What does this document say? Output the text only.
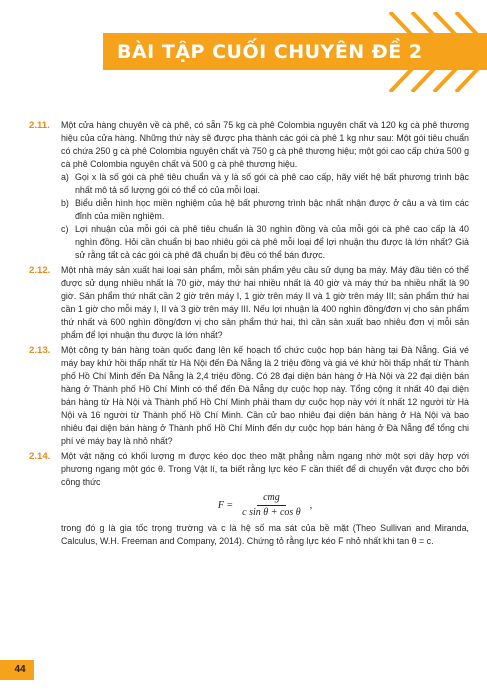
BÀI TẬP CUỐI CHUYÊN ĐỀ 2
2.11. Một cửa hàng chuyên về cà phê, có sẵn 75 kg cà phê Colombia nguyên chất và 120 kg cà phê thương hiệu của cửa hàng. Những thứ này sẽ được pha thành các gói cà phê 1 kg như sau: Một gói tiêu chuẩn có chứa 250 g cà phê Colombia nguyên chất và 750 g cà phê thương hiệu; một gói cao cấp chứa 500 g cà phê Colombia nguyên chất và 500 g cà phê thương hiệu.

a) Gọi x là số gói cà phê tiêu chuẩn và y là số gói cà phê cao cấp, hãy viết hệ bất phương trình bậc nhất mô tả số lượng gói có thể có của mỗi loại.

b) Biểu diễn hình học miền nghiệm của hệ bất phương trình bậc nhất nhận được ở câu a và tìm các đỉnh của miền nghiệm.

c) Lợi nhuận của mỗi gói cà phê tiêu chuẩn là 30 nghìn đồng và của mỗi gói cà phê cao cấp là 40 nghìn đồng. Hỏi cần chuẩn bị bao nhiêu gói cà phê mỗi loại để lợi nhuận thu được là lớn nhất? Giả sử rằng tất cả các gói cà phê đã chuẩn bị đều có thể bán được.

2.12. Một nhà máy sản xuất hai loại sản phẩm, mỗi sản phẩm yêu cầu sử dụng ba máy. Máy đầu tiên có thể được sử dụng nhiều nhất là 70 giờ, máy thứ hai nhiều nhất là 40 giờ và máy thứ ba nhiều nhất là 90 giờ. Sản phẩm thứ nhất cần 2 giờ trên máy I, 1 giờ trên máy II và 1 giờ trên máy III; sản phẩm thứ hai cần 1 giờ cho mỗi máy I, II và 3 giờ trên máy III. Nếu lợi nhuận là 400 nghìn đồng/đơn vị cho sản phẩm thứ nhất và 600 nghìn đồng/đơn vị cho sản phẩm thứ hai, thì cần sản xuất bao nhiêu đơn vị mỗi sản phẩm để lợi nhuận thu được là lớn nhất?

2.13. Một công ty bán hàng toàn quốc đang lên kế hoạch tổ chức cuộc họp bán hàng tại Đà Nẵng. Giá vé máy bay khứ hồi thấp nhất từ Hà Nội đến Đà Nẵng là 2 triệu đồng và giá vé khứ hồi thấp nhất từ Thành phố Hồ Chí Minh đến Đà Nẵng là 2,4 triệu đồng. Có 28 đại diện bán hàng ở Hà Nội và 22 đại diện bán hàng ở Thành phố Hồ Chí Minh có thể đến Đà Nẵng dự cuộc họp này. Tổng cộng ít nhất 40 đại diện bán hàng từ Hà Nội và Thành phố Hồ Chí Minh phải tham dự cuộc họp này với ít nhất 12 người từ Hà Nội và 16 người từ Thành phố Hồ Chí Minh. Cần cử bao nhiêu đại diện bán hàng ở Hà Nội và bao nhiêu đại diện bán hàng ở Thành phố Hồ Chí Minh đến dự cuộc họp bán hàng ở Đà Nẵng để tổng chi phí vé máy bay là nhỏ nhất?

2.14. Một vật nặng có khối lượng m được kéo dọc theo mặt phẳng nằm ngang nhờ một sợi dây hợp với phương ngang một góc θ. Trong Vật lí, ta biết rằng lực kéo F cần thiết để di chuyển vật được cho bởi công thức

$F = \frac{\text{cmg}}{\text{c sin θ + cos θ}}$ ,

trong đó g là gia tốc trọng trường và c là hệ số ma sát của bề mặt (Theo Sullivan and Miranda, Calculus, W.H. Freeman and Company, 2014). Chứng tỏ rằng lực kéo F nhỏ nhất khi tan θ = c.

44
